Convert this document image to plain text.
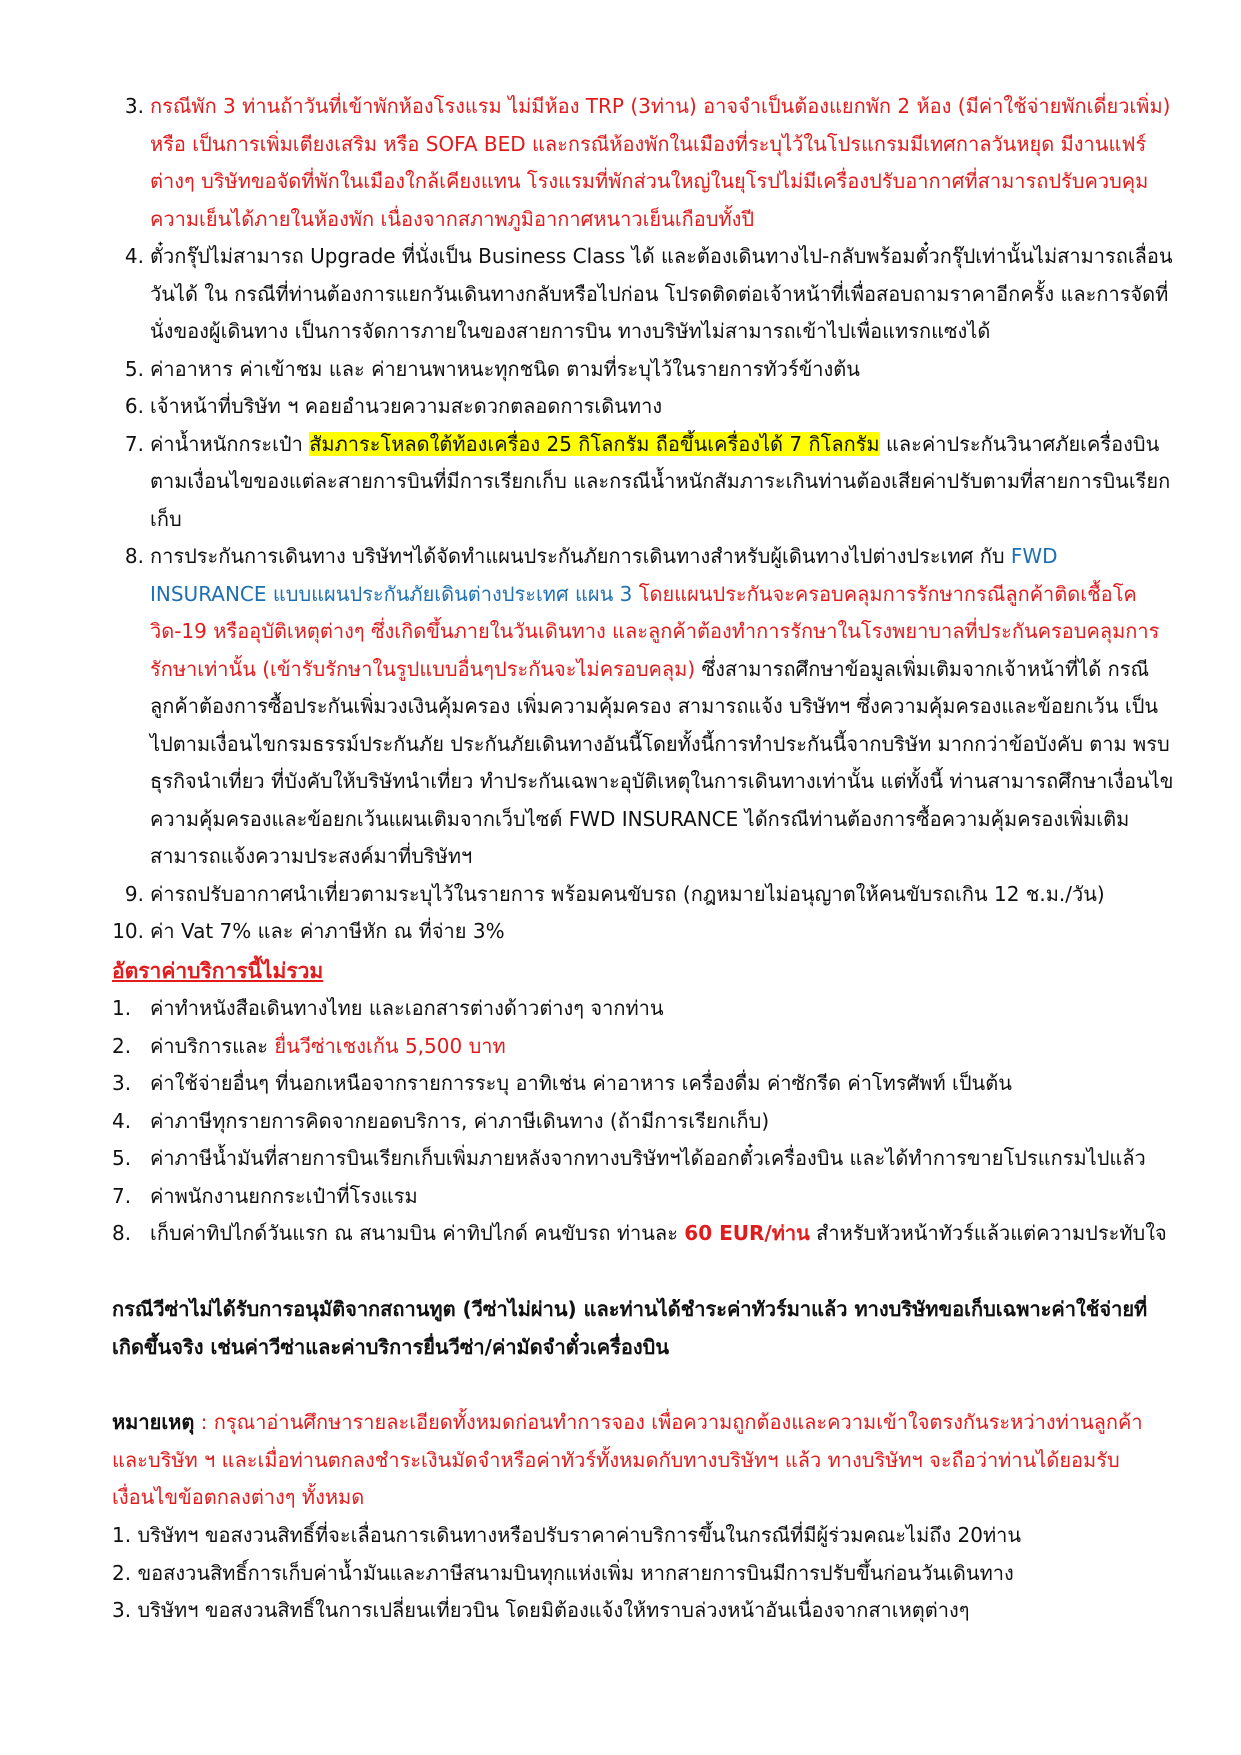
3. กรณีพัก 3 ท่านถ้าวันที่เข้าพักห้องโรงแรม ไม่มีห้อง TRP (3ท่าน) อาจจำเป็นต้องแยกพัก 2 ห้อง (มีค่าใช้จ่ายพักเดี่ยวเพิ่ม) หรือ เป็นการเพิ่มเตียงเสริม หรือ SOFA BED และกรณีห้องพักในเมืองที่ระบุไว้ในโปรแกรมมีเทศกาลวันหยุด มีงานแฟร์ต่างๆ บริษัทขอจัดที่พักในเมืองใกล้เคียงแทน โรงแรมที่พักส่วนใหญ่ในยุโรปไม่มีเครื่องปรับอากาศที่สามารถปรับควบคุมความเย็นได้ภายในห้องพัก เนื่องจากสภาพภูมิอากาศหนาวเย็นเกือบทั้งปี
4. ตั๋วกรุ๊ปไม่สามารถ Upgrade ที่นั่งเป็น Business Class ได้ และต้องเดินทางไป-กลับพร้อมตั๋วกรุ๊ปเท่านั้นไม่สามารถเลื่อนวันได้ ใน กรณีที่ท่านต้องการแยกวันเดินทางกลับหรือไปก่อน โปรดติดต่อเจ้าหน้าที่เพื่อสอบถามราคาอีกครั้ง และการจัดที่นั่งของผู้เดินทาง เป็นการจัดการภายในของสายการบิน ทางบริษัทไม่สามารถเข้าไปเพื่อแทรกแซงได้
5. ค่าอาหาร ค่าเข้าชม และ ค่ายานพาหนะทุกชนิด ตามที่ระบุไว้ในรายการทัวร์ข้างต้น
6. เจ้าหน้าที่บริษัท ฯ คอยอำนวยความสะดวกตลอดการเดินทาง
7. ค่าน้ำหนักกระเป๋า สัมภาระโหลดใต้ท้องเครื่อง 25 กิโลกรัม ถือขึ้นเครื่องได้ 7 กิโลกรัม และค่าประกันวินาศภัยเครื่องบินตามเงื่อนไขของแต่ละสายการบินที่มีการเรียกเก็บ และกรณีน้ำหนักสัมภาระเกินท่านต้องเสียค่าปรับตามที่สายการบินเรียกเก็บ
8. การประกันการเดินทาง บริษัทฯได้จัดทำแผนประกันภัยการเดินทางสำหรับผู้เดินทางไปต่างประเทศ กับ FWD INSURANCE แบบแผนประกันภัยเดินต่างประเทศ แผน 3 โดยแผนประกันจะครอบคลุมการรักษากรณีลูกค้าติดเชื้อโควิด-19 หรืออุบัติเหตุต่างๆ ซึ่งเกิดขึ้นภายในวันเดินทาง และลูกค้าต้องทำการรักษาในโรงพยาบาลที่ประกันครอบคลุมการรักษาเท่านั้น (เข้ารับรักษาในรูปแบบอื่นๆประกันจะไม่ครอบคลุม) ซึ่งสามารถศึกษาข้อมูลเพิ่มเติมจากเจ้าหน้าที่ได้ กรณีลูกค้าต้องการซื้อประกันเพิ่มวงเงินคุ้มครอง เพิ่มความคุ้มครอง สามารถแจ้ง บริษัทฯ ซึ่งความคุ้มครองและข้อยกเว้น เป็นไปตามเงื่อนไขกรมธรรม์ประกันภัย ประกันภัยเดินทางอันนี้โดยทั้งนี้การทำประกันนี้จากบริษัท มากกว่าข้อบังคับ ตาม พรบ ธุรกิจนำเที่ยว ที่บังคับให้บริษัทนำเที่ยว ทำประกันเฉพาะอุบัติเหตุในการเดินทางเท่านั้น แต่ทั้งนี้ ท่านสามารถศึกษาเงื่อนไขความคุ้มครองและข้อยกเว้นแผนเติมจากเว็บไซต์ FWD INSURANCE ได้กรณีท่านต้องการซื้อความคุ้มครองเพิ่มเติม สามารถแจ้งความประสงค์มาที่บริษัทฯ
9. ค่ารถปรับอากาศนำเที่ยวตามระบุไว้ในรายการ พร้อมคนขับรถ (กฎหมายไม่อนุญาตให้คนขับรถเกิน 12 ช.ม./วัน)
10. ค่า Vat 7% และ ค่าภาษีหัก ณ ที่จ่าย 3%
อัตราค่าบริการนี้ไม่รวม
1. ค่าทำหนังสือเดินทางไทย และเอกสารต่างด้าวต่างๆ จากท่าน
2. ค่าบริการและ ยื่นวีซ่าเชงเก้น 5,500 บาท
3. ค่าใช้จ่ายอื่นๆ ที่นอกเหนือจากรายการระบุ อาทิเช่น ค่าอาหาร เครื่องดื่ม ค่าซักรีด ค่าโทรศัพท์ เป็นต้น
4. ค่าภาษีทุกรายการคิดจากยอดบริการ, ค่าภาษีเดินทาง (ถ้ามีการเรียกเก็บ)
5. ค่าภาษีน้ำมันที่สายการบินเรียกเก็บเพิ่มภายหลังจากทางบริษัทฯได้ออกตั๋วเครื่องบิน และได้ทำการขายโปรแกรมไปแล้ว
7. ค่าพนักงานยกกระเป๋าที่โรงแรม
8. เก็บค่าทิปไกด์วันแรก ณ สนามบิน ค่าทิปไกด์ คนขับรถ ท่านละ 60 EUR/ท่าน สำหรับหัวหน้าทัวร์แล้วแต่ความประทับใจ

กรณีวีซ่าไม่ได้รับการอนุมัติจากสถานทูต (วีซ่าไม่ผ่าน) และท่านได้ชำระค่าทัวร์มาแล้ว ทางบริษัทขอเก็บเฉพาะค่าใช้จ่ายที่เกิดขึ้นจริง เช่นค่าวีซ่าและค่าบริการยื่นวีซ่า/ค่ามัดจำตั๋วเครื่องบิน

หมายเหตุ : กรุณาอ่านศึกษารายละเอียดทั้งหมดก่อนทำการจอง เพื่อความถูกต้องและความเข้าใจตรงกันระหว่างท่านลูกค้าและบริษัท ฯ และเมื่อท่านตกลงชำระเงินมัดจำหรือค่าทัวร์ทั้งหมดกับทางบริษัทฯ แล้ว ทางบริษัทฯ จะถือว่าท่านได้ยอมรับเงื่อนไขข้อตกลงต่างๆ ทั้งหมด

1. บริษัทฯ ขอสงวนสิทธิ์ที่จะเลื่อนการเดินทางหรือปรับราคาค่าบริการขึ้นในกรณีที่มีผู้ร่วมคณะไม่ถึง 20ท่าน
2. ขอสงวนสิทธิ์การเก็บค่าน้ำมันและภาษีสนามบินทุกแห่งเพิ่ม หากสายการบินมีการปรับขึ้นก่อนวันเดินทาง
3. บริษัทฯ ขอสงวนสิทธิ์ในการเปลี่ยนเที่ยวบิน โดยมิต้องแจ้งให้ทราบล่วงหน้าอันเนื่องจากสาเหตุต่างๆ
